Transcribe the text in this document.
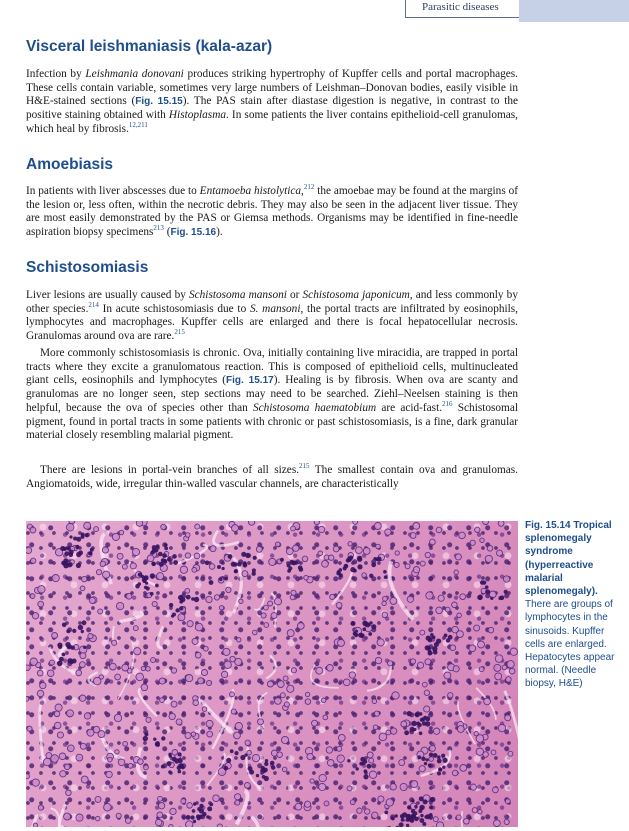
Parasitic diseases
Visceral leishmaniasis (kala-azar)

Infection by Leishmania donovani produces striking hypertrophy of Kupffer cells and portal macrophages. These cells contain variable, sometimes very large numbers of Leishman–Donovan bodies, easily visible in H&E-stained sections (Fig. 15.15). The PAS stain after diastase digestion is negative, in contrast to the positive staining obtained with Histoplasma. In some patients the liver contains epithelioid-cell granulomas, which heal by fibrosis.$^{12,211}$

Amoebiasis

In patients with liver abscesses due to Entamoeba histolytica,$^{212}$ the amoebae may be found at the margins of the lesion or, less often, within the necrotic debris. They may also be seen in the adjacent liver tissue. They are most easily demonstrated by the PAS or Giemsa methods. Organisms may be identified in fine-needle aspiration biopsy specimens$^{213}$ (Fig. 15.16).

Schistosomiasis

Liver lesions are usually caused by Schistosoma mansoni or Schistosoma japonicum, and less commonly by other species.$^{214}$ In acute schistosomiasis due to S. mansoni, the portal tracts are infiltrated by eosinophils, lymphocytes and macrophages. Kupffer cells are enlarged and there is focal hepatocellular necrosis. Granulomas around ova are rare.$^{215}$

More commonly schistosomiasis is chronic. Ova, initially containing live miracidia, are trapped in portal tracts where they excite a granulomatous reaction. This is composed of epithelioid cells, multinucleated giant cells, eosinophils and lymphocytes (Fig. 15.17). Healing is by fibrosis. When ova are scanty and granulomas are no longer seen, step sections may need to be searched. Ziehl–Neelsen staining is then helpful, because the ova of species other than Schistosoma haematobium are acid-fast.$^{216}$ Schistosomal pigment, found in portal tracts in some patients with chronic or past schistosomiasis, is a fine, dark granular material closely resembling malarial pigment.

There are lesions in portal-vein branches of all sizes.$^{215}$ The smallest contain ova and granulomas. Angiomatoids, wide, irregular thin-walled vascular channels, are characteristically

Fig. 15.14 Tropical splenomegaly syndrome (hyperreactive malarial splenomegaly). There are groups of lymphocytes in the sinusoids. Kupffer cells are enlarged. Hepatocytes appear normal. (Needle biopsy, H&E)
